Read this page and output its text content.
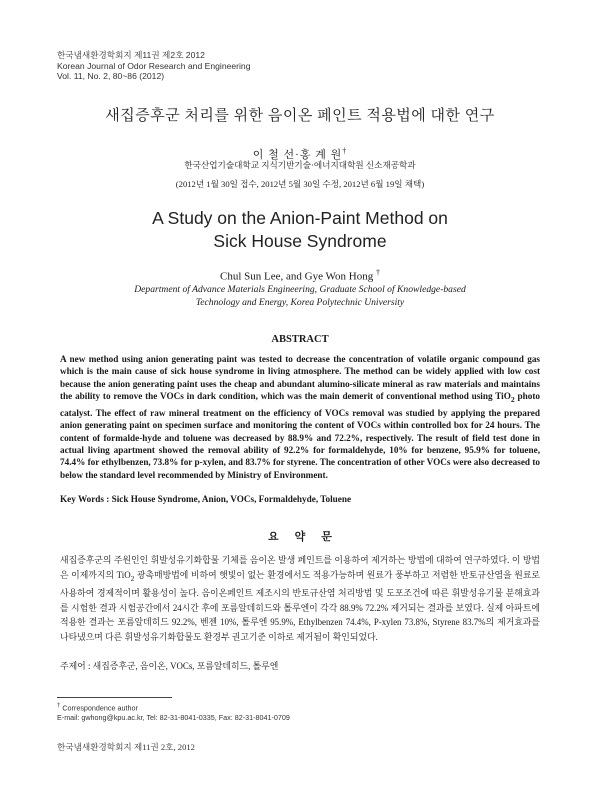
한국냄새환경학회지 제11권 제2호 2012
Korean Journal of Odor Research and Engineering
Vol. 11, No. 2, 80~86 (2012)
새집증후군 처리를 위한 음이온 페인트 적용법에 대한 연구
이 철 선·홍 계 원†
한국산업기술대학교 지식기반기술·에너지대학원 신소재공학과
(2012년 1월 30일 접수, 2012년 5월 30일 수정, 2012년 6월 19일 채택)
A Study on the Anion-Paint Method on
Sick House Syndrome
Chul Sun Lee, and Gye Won Hong †
Department of Advance Materials Engineering, Graduate School of Knowledge-based
Technology and Energy, Korea Polytechnic University
ABSTRACT
A new method using anion generating paint was tested to decrease the concentration of volatile organic compound gas which is the main cause of sick house syndrome in living atmosphere. The method can be widely applied with low cost because the anion generating paint uses the cheap and abundant alumino-silicate mineral as raw materials and maintains the ability to remove the VOCs in dark condition, which was the main demerit of conventional method using TiO$_2$ photo catalyst. The effect of raw mineral treatment on the efficiency of VOCs removal was studied by applying the prepared anion generating paint on specimen surface and monitoring the content of VOCs within controlled box for 24 hours. The content of formalde-hyde and toluene was decreased by 88.9% and 72.2%, respectively. The result of field test done in actual living apartment showed the removal ability of 92.2% for formaldehyde, 10% for benzene, 95.9% for toluene, 74.4% for ethylbenzen, 73.8% for p-xylen, and 83.7% for styrene. The concentration of other VOCs were also decreased to below the standard level recommended by Ministry of Environment.
Key Words : Sick House Syndrome, Anion, VOCs, Formaldehyde, Toluene
요약문
새집증후군의 주원인인 휘발성유기화합물 기체를 음이온 발생 페인트를 이용하여 제거하는 방법에 대하여 연구하였다. 이 방법은 이제까지의 TiO$_2$ 광촉매방법에 비하여 햇빛이 없는 환경에서도 적용가능하며 원료가 풍부하고 저렴한 반토규산염을 원료로 사용하여 경제적이며 활용성이 높다. 음이온페인트 제조시의 반토규산염 처리방법 및 도포조건에 따른 휘발성유기물 분해효과를 시험한 결과 시험공간에서 24시간 후에 포름알데히드와 톨루엔이 각각 88.9% 72.2% 제거되는 결과를 보였다. 실제 아파트에 적용한 결과는 포름알데히드 92.2%, 벤젠 10%, 톨루엔 95.9%, Ethylbenzen 74.4%, P-xylen 73.8%, Styrene 83.7%의 제거효과를 나타냈으며 다른 휘발성유기화합물도 환경부 권고기준 이하로 제거됨이 확인되었다.
주제어 : 새집증후군, 음이온, VOCs, 포름알데히드, 톨루엔
† Correspondence author
E-mail: gwhong@kpu.ac.kr, Tel: 82-31-8041-0335, Fax: 82-31-8041-0709
한국냄새환경학회지 제11권 2호, 2012
